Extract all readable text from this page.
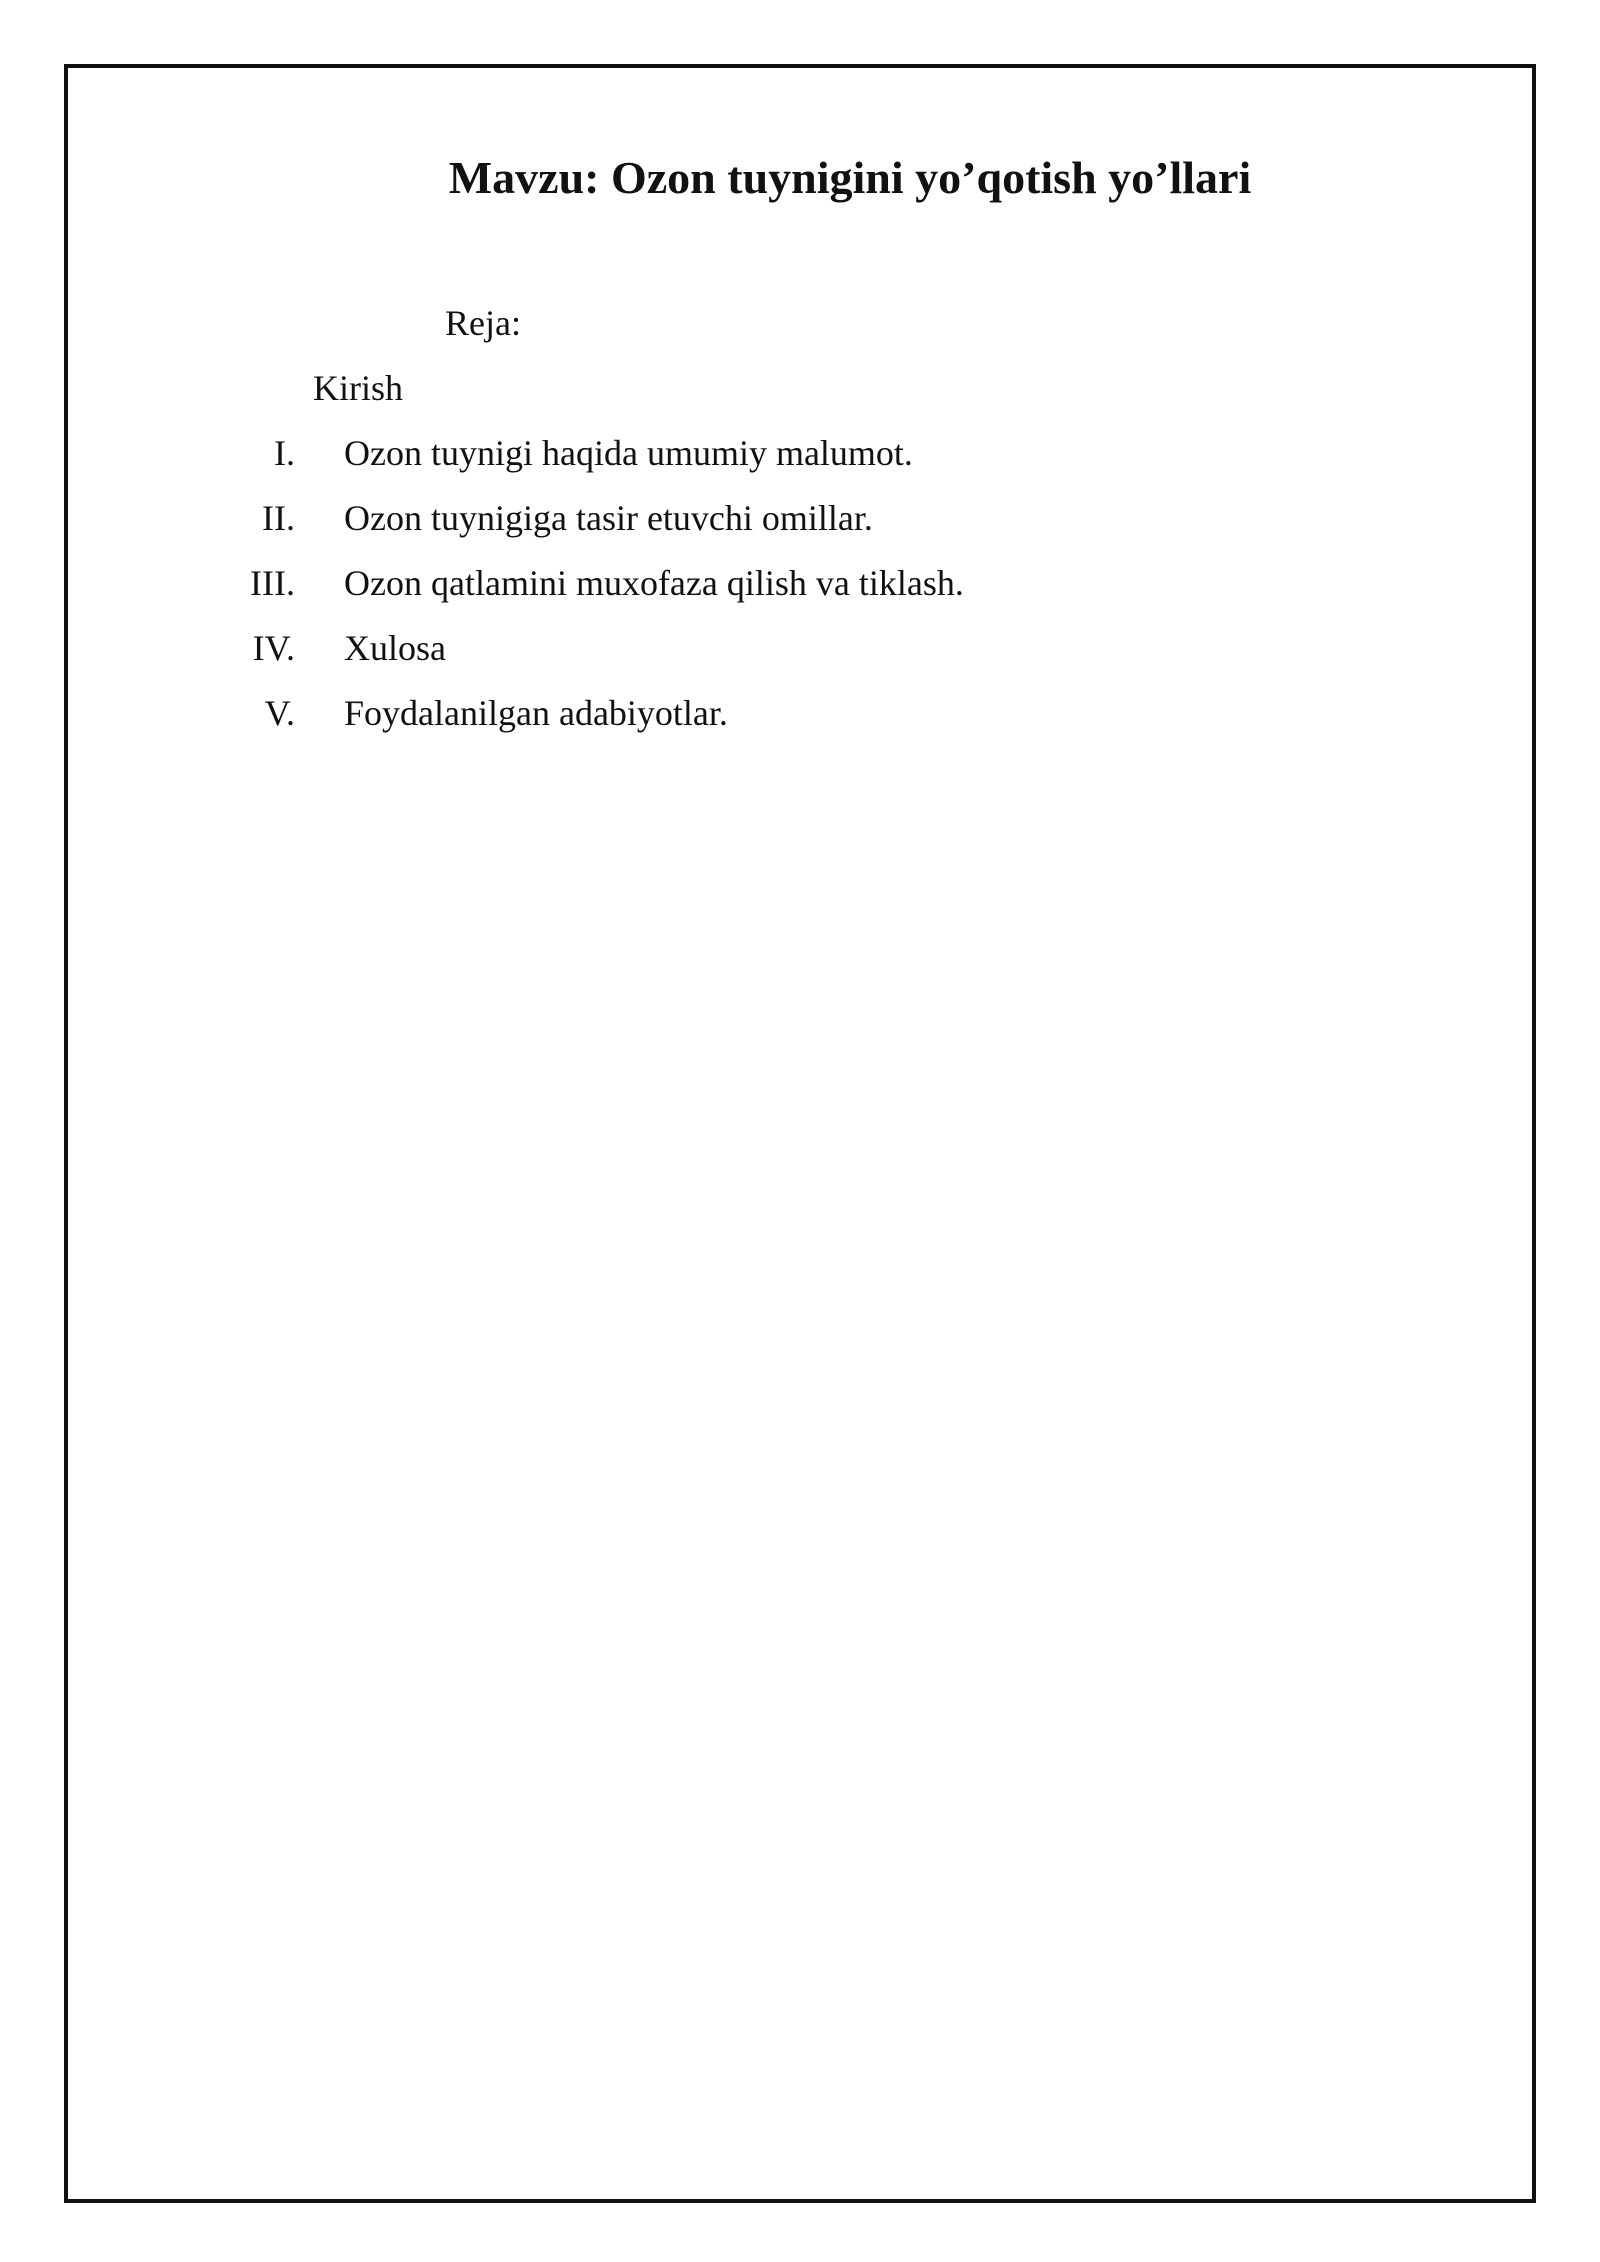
Mavzu: Ozon tuynigini yo’qotish yo’llari
Reja:
Kirish
I. Ozon tuynigi haqida umumiy malumot.
II. Ozon tuynigiga tasir etuvchi omillar.
III. Ozon qatlamini muxofaza qilish va tiklash.
IV. Xulosa
V. Foydalanilgan adabiyotlar.
